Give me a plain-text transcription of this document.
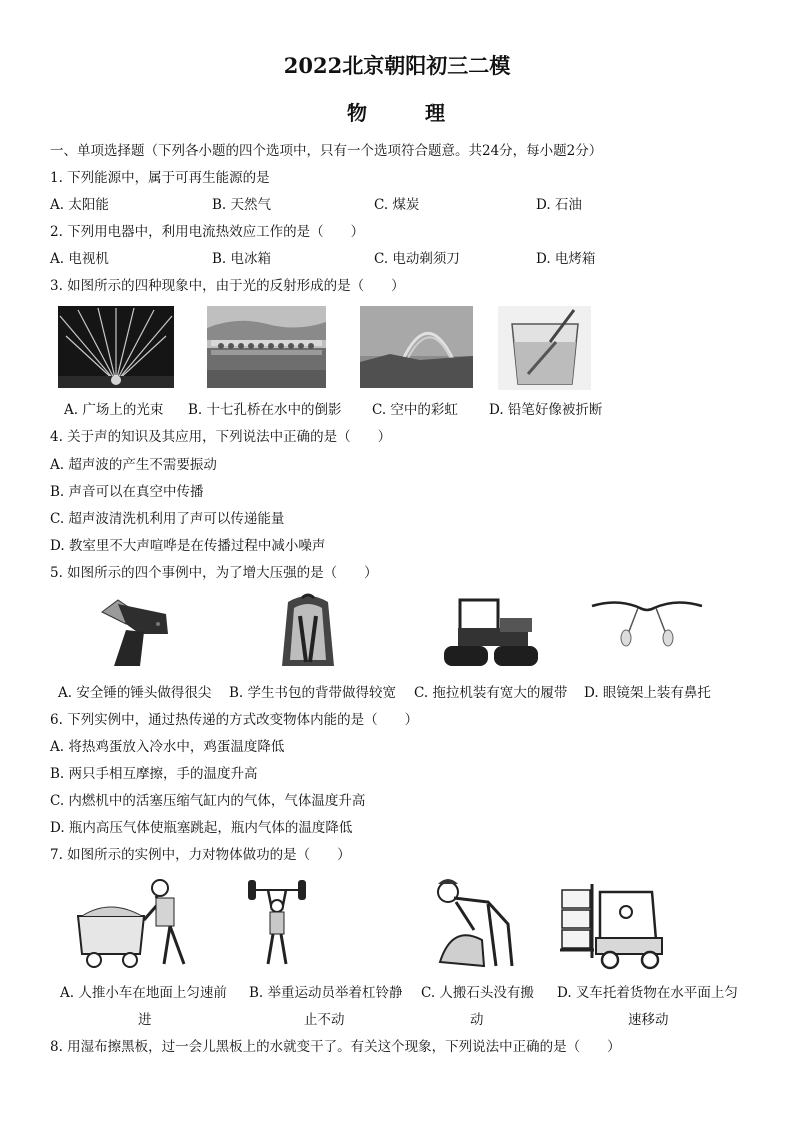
2022北京朝阳初三二模
物	理
一、单项选择题（下列各小题的四个选项中，只有一个选项符合题意。共24分，每小题2分）
1. 下列能源中，属于可再生能源的是
A. 太阳能	B. 天然气	C. 煤炭	D. 石油
2. 下列用电器中，利用电流热效应工作的是（　　）
A. 电视机	B. 电冰箱	C. 电动剃须刀	D. 电烤箱
3. 如图所示的四种现象中，由于光的反射形成的是（　　）
A. 广场上的光束 B. 十七孔桥在水中的倒影 C. 空中的彩虹 D. 铅笔好像被折断
4. 关于声的知识及其应用，下列说法中正确的是（　　）
A. 超声波的产生不需要振动
B. 声音可以在真空中传播
C. 超声波清洗机利用了声可以传递能量
D. 教室里不大声喧哗是在传播过程中减小噪声
5. 如图所示的四个事例中，为了增大压强的是（　　）
A. 安全锤的锤头做得很尖 B. 学生书包的背带做得较宽 C. 拖拉机装有宽大的履带 D. 眼镜架上装有鼻托
6. 下列实例中，通过热传递的方式改变物体内能的是（　　）
A. 将热鸡蛋放入冷水中，鸡蛋温度降低
B. 两只手相互摩擦，手的温度升高
C. 内燃机中的活塞压缩气缸内的气体，气体温度升高
D. 瓶内高压气体使瓶塞跳起，瓶内气体的温度降低
7. 如图所示的实例中，力对物体做功的是（　　）
A. 人推小车在地面上匀速前
进
B. 举重运动员举着杠铃静
止不动
C. 人搬石头没有搬
动
D. 叉车托着货物在水平面上匀
速移动
8. 用湿布擦黑板，过一会儿黑板上的水就变干了。有关这个现象，下列说法中正确的是（　　）
